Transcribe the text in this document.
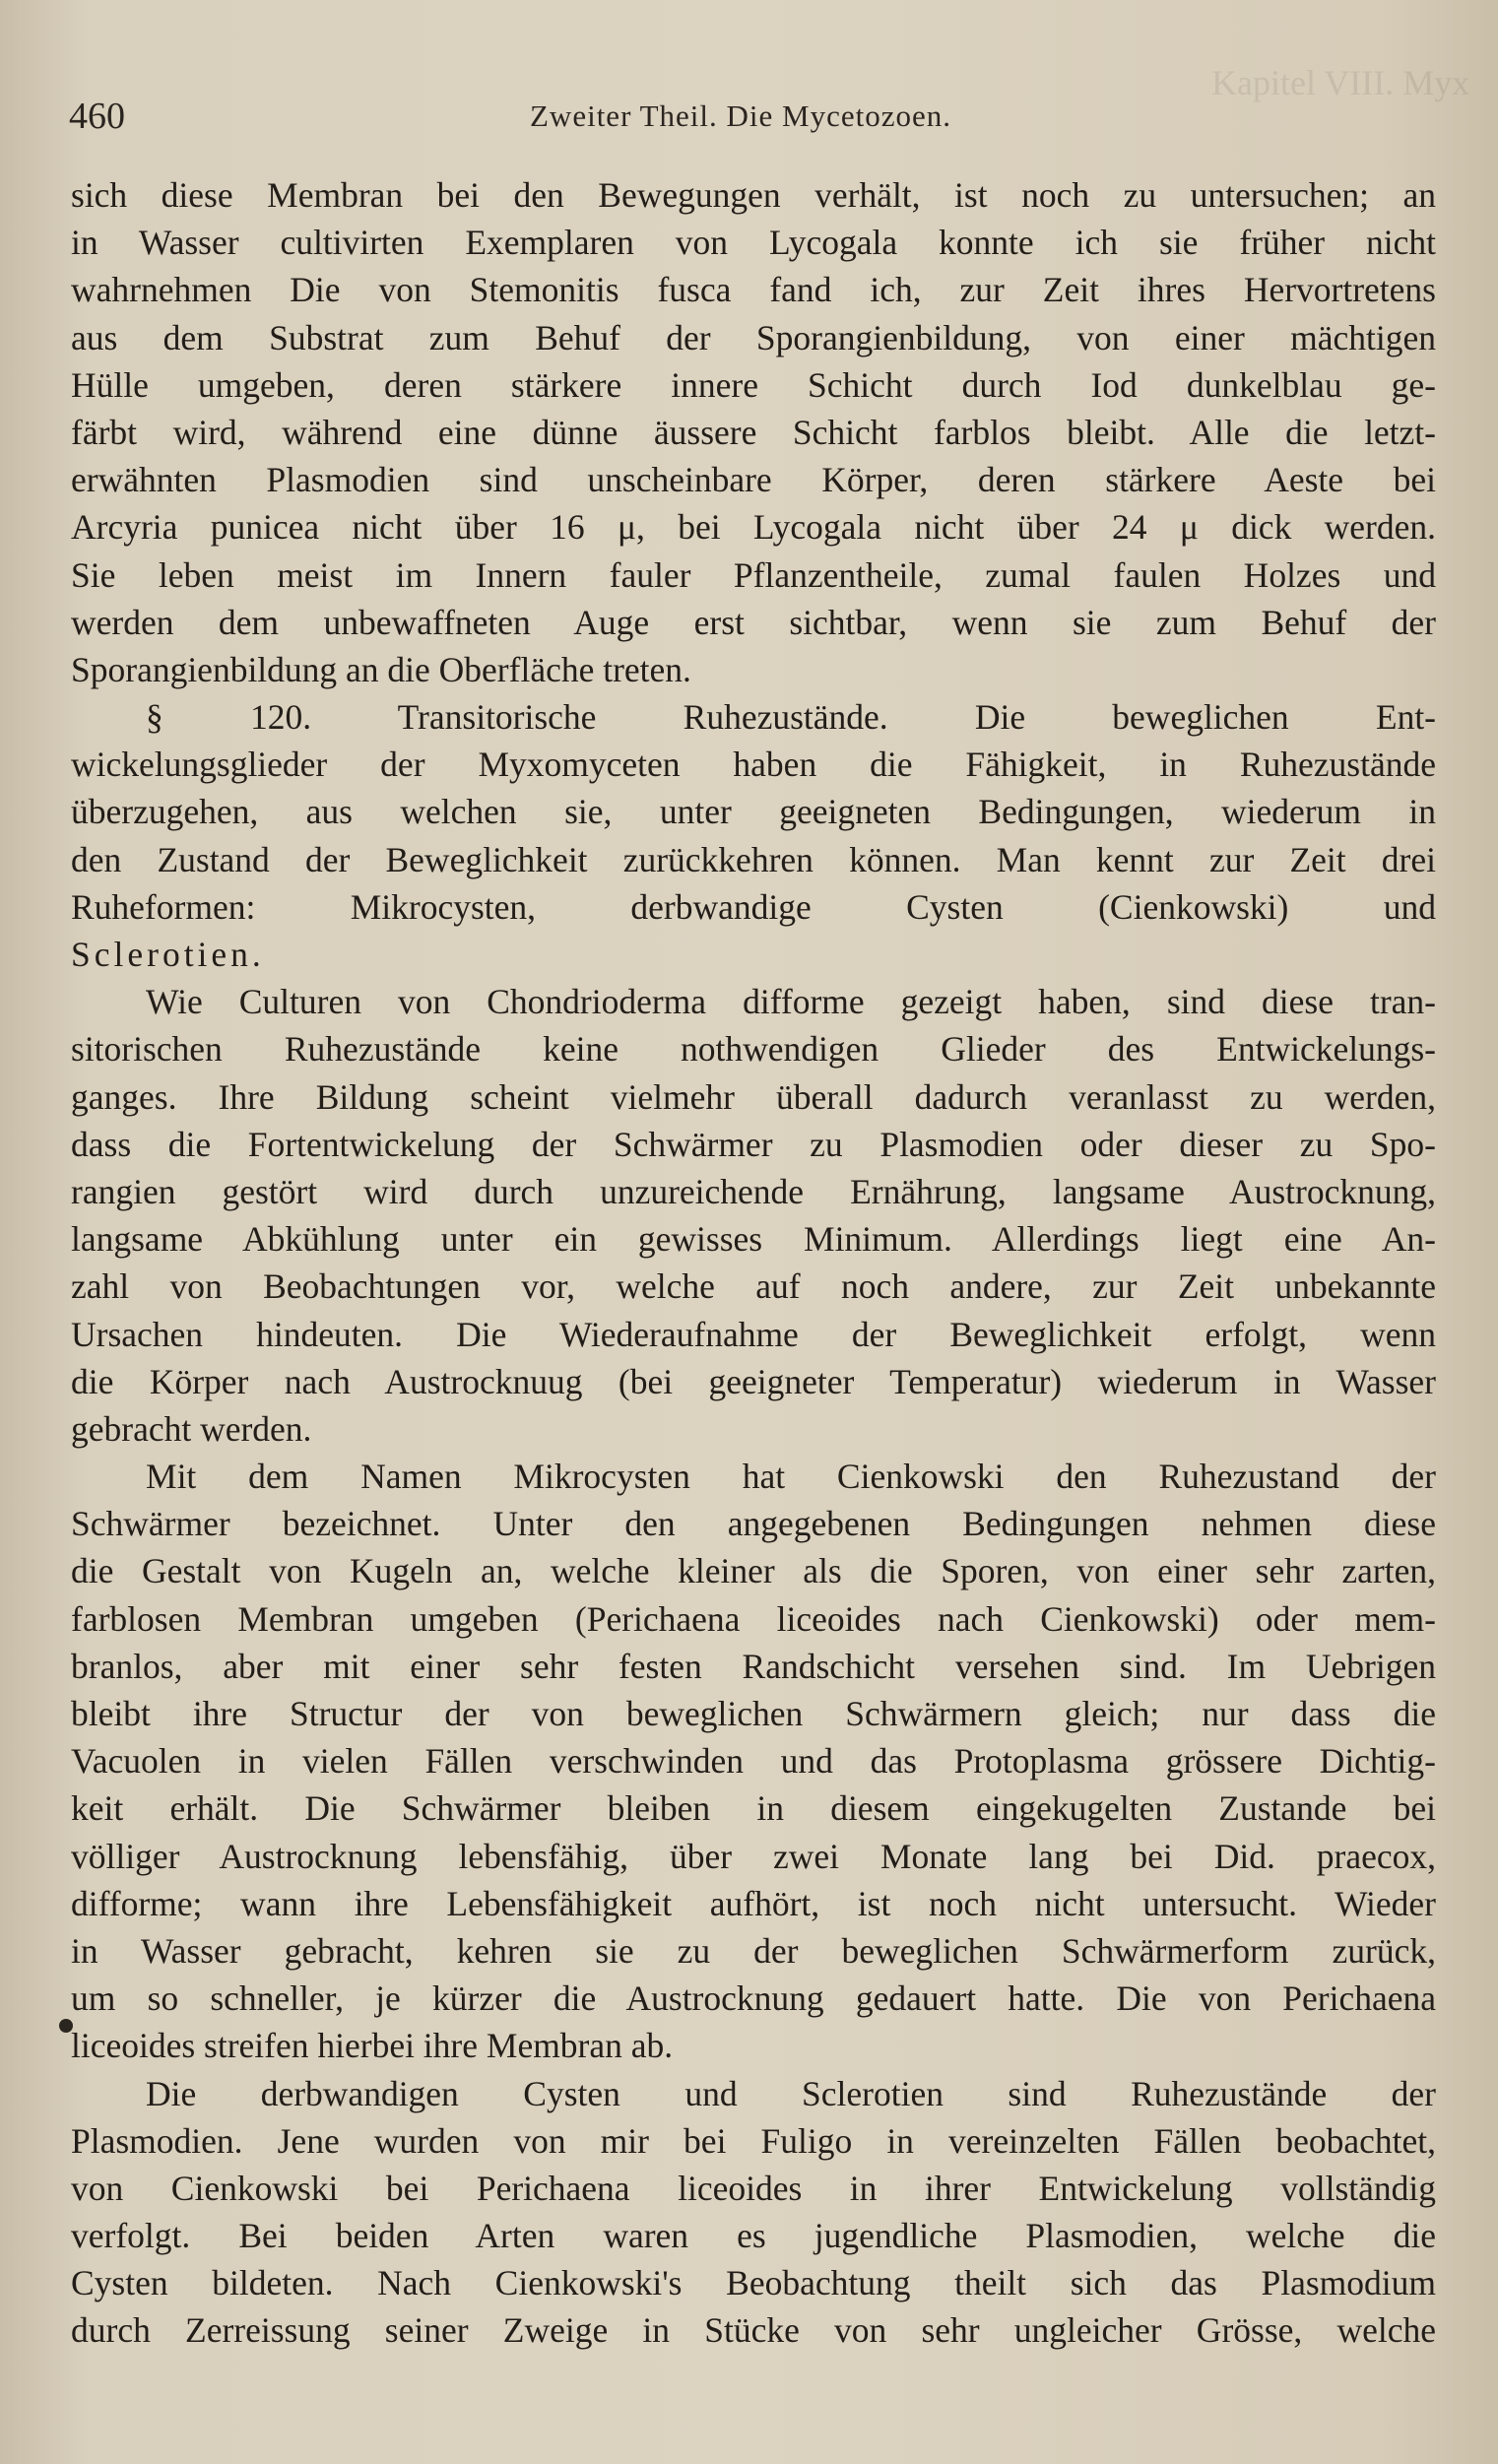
Kapitel VIII. Myx
460	Zweiter Theil. Die Mycetozoen.
sich diese Membran bei den Bewegungen verhält, ist noch zu untersuchen; an
in Wasser cultivirten Exemplaren von Lycogala konnte ich sie früher nicht
wahrnehmen Die von Stemonitis fusca fand ich, zur Zeit ihres Hervortretens
aus dem Substrat zum Behuf der Sporangienbildung, von einer mächtigen
Hülle umgeben, deren stärkere innere Schicht durch Iod dunkelblau ge-
färbt wird, während eine dünne äussere Schicht farblos bleibt. Alle die letzt-
erwähnten Plasmodien sind unscheinbare Körper, deren stärkere Aeste bei
Arcyria punicea nicht über 16 μ, bei Lycogala nicht über 24 μ dick werden.
Sie leben meist im Innern fauler Pflanzentheile, zumal faulen Holzes und
werden dem unbewaffneten Auge erst sichtbar, wenn sie zum Behuf der
Sporangienbildung an die Oberfläche treten.
§ 120. Transitorische Ruhezustände. Die beweglichen Ent-
wickelungsglieder der Myxomyceten haben die Fähigkeit, in Ruhezustände
überzugehen, aus welchen sie, unter geeigneten Bedingungen, wiederum in
den Zustand der Beweglichkeit zurückkehren können. Man kennt zur Zeit drei
Ruheformen: Mikrocysten, derbwandige Cysten (Cienkowski) und
Sclerotien.
Wie Culturen von Chondrioderma difforme gezeigt haben, sind diese tran-
sitorischen Ruhezustände keine nothwendigen Glieder des Entwickelungs-
ganges. Ihre Bildung scheint vielmehr überall dadurch veranlasst zu werden,
dass die Fortentwickelung der Schwärmer zu Plasmodien oder dieser zu Spo-
rangien gestört wird durch unzureichende Ernährung, langsame Austrocknung,
langsame Abkühlung unter ein gewisses Minimum. Allerdings liegt eine An-
zahl von Beobachtungen vor, welche auf noch andere, zur Zeit unbekannte
Ursachen hindeuten. Die Wiederaufnahme der Beweglichkeit erfolgt, wenn
die Körper nach Austrocknuug (bei geeigneter Temperatur) wiederum in Wasser
gebracht werden.
Mit dem Namen Mikrocysten hat Cienkowski den Ruhezustand der
Schwärmer bezeichnet. Unter den angegebenen Bedingungen nehmen diese
die Gestalt von Kugeln an, welche kleiner als die Sporen, von einer sehr zarten,
farblosen Membran umgeben (Perichaena liceoides nach Cienkowski) oder mem-
branlos, aber mit einer sehr festen Randschicht versehen sind. Im Uebrigen
bleibt ihre Structur der von beweglichen Schwärmern gleich; nur dass die
Vacuolen in vielen Fällen verschwinden und das Protoplasma grössere Dichtig-
keit erhält. Die Schwärmer bleiben in diesem eingekugelten Zustande bei
völliger Austrocknung lebensfähig, über zwei Monate lang bei Did. praecox,
difforme; wann ihre Lebensfähigkeit aufhört, ist noch nicht untersucht. Wieder
in Wasser gebracht, kehren sie zu der beweglichen Schwärmerform zurück,
um so schneller, je kürzer die Austrocknung gedauert hatte. Die von Perichaena
liceoides streifen hierbei ihre Membran ab.
Die derbwandigen Cysten und Sclerotien sind Ruhezustände der
Plasmodien. Jene wurden von mir bei Fuligo in vereinzelten Fällen beobachtet,
von Cienkowski bei Perichaena liceoides in ihrer Entwickelung vollständig
verfolgt. Bei beiden Arten waren es jugendliche Plasmodien, welche die
Cysten bildeten. Nach Cienkowski's Beobachtung theilt sich das Plasmodium
durch Zerreissung seiner Zweige in Stücke von sehr ungleicher Grösse, welche
